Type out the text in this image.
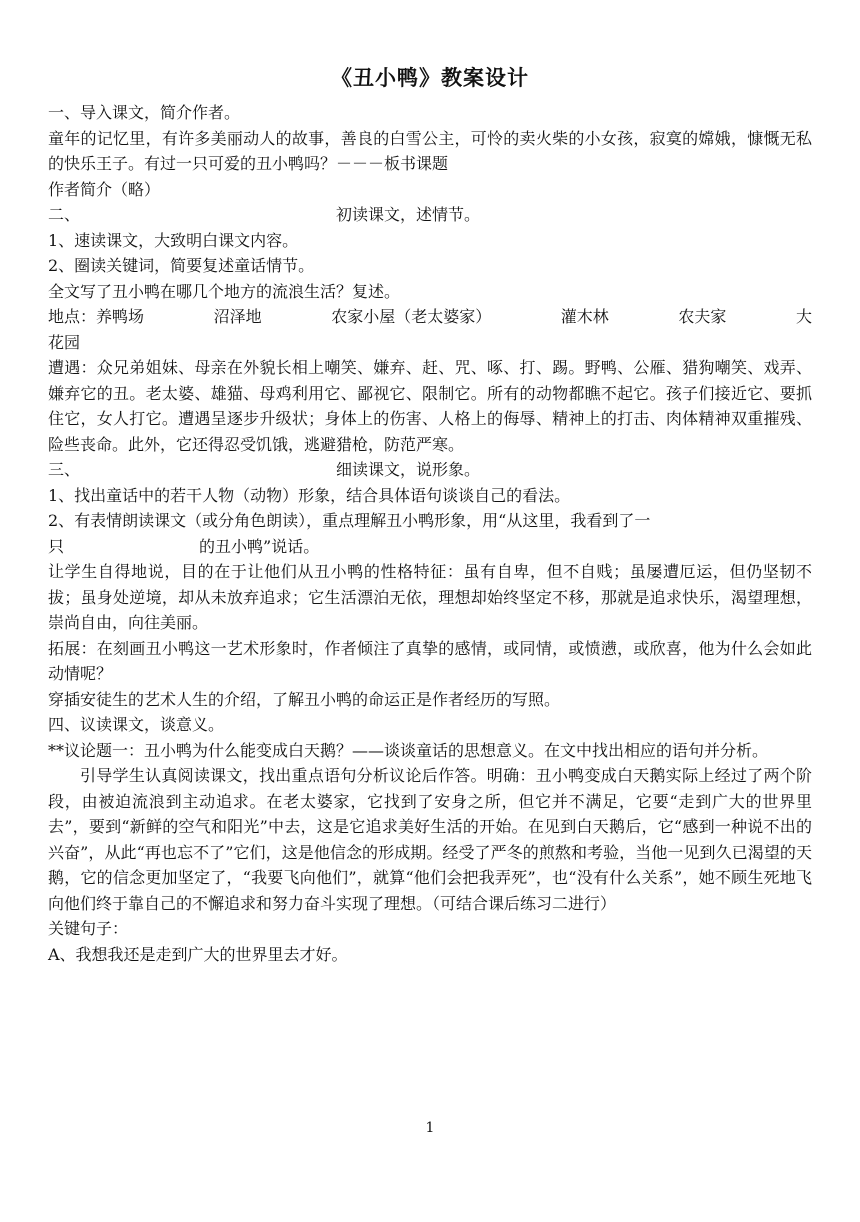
《丑小鸭》教案设计

一、导入课文，简介作者。

童年的记忆里，有许多美丽动人的故事，善良的白雪公主，可怜的卖火柴的小女孩，寂寞的嫦娥，慷慨无私的快乐王子。有过一只可爱的丑小鸭吗？－－－板书课题

作者简介（略）

二、	初读课文，述情节。

1、速读课文，大致明白课文内容。

2、圈读关键词，简要复述童话情节。

全文写了丑小鸭在哪几个地方的流浪生活？复述。

地点：养鸭场	沼泽地	农家小屋（老太婆家）	灌木林	农夫家	大

花园

遭遇：众兄弟姐妹、母亲在外貌长相上嘲笑、嫌弃、赶、咒、啄、打、踢。野鸭、公雁、猎狗嘲笑、戏弄、嫌弃它的丑。老太婆、雄猫、母鸡利用它、鄙视它、限制它。所有的动物都瞧不起它。孩子们接近它、要抓住它，女人打它。遭遇呈逐步升级状；身体上的伤害、人格上的侮辱、精神上的打击、肉体精神双重摧残、险些丧命。此外，它还得忍受饥饿，逃避猎枪，防范严寒。

三、	细读课文，说形象。

1、找出童话中的若干人物（动物）形象，结合具体语句谈谈自己的看法。

2、有表情朗读课文（或分角色朗读），重点理解丑小鸭形象，用“从这里，我看到了一

只	的丑小鸭”说话。

让学生自得地说，目的在于让他们从丑小鸭的性格特征：虽有自卑，但不自贱；虽屡遭厄运，但仍坚韧不拔；虽身处逆境，却从未放弃追求；它生活漂泊无依，理想却始终坚定不移，那就是追求快乐，渴望理想，崇尚自由，向往美丽。

拓展：在刻画丑小鸭这一艺术形象时，作者倾注了真挚的感情，或同情，或愤懑，或欣喜，他为什么会如此动情呢？

穿插安徒生的艺术人生的介绍，了解丑小鸭的命运正是作者经历的写照。

四、议读课文，谈意义。

**议论题一：丑小鸭为什么能变成白天鹅？——谈谈童话的思想意义。在文中找出相应的语句并分析。

引导学生认真阅读课文，找出重点语句分析议论后作答。明确：丑小鸭变成白天鹅实际上经过了两个阶段，由被迫流浪到主动追求。在老太婆家，它找到了安身之所，但它并不满足，它要“走到广大的世界里去”，要到“新鲜的空气和阳光”中去，这是它追求美好生活的开始。在见到白天鹅后，它“感到一种说不出的兴奋”，从此“再也忘不了”它们，这是他信念的形成期。经受了严冬的煎熬和考验，当他一见到久已渴望的天鹅，它的信念更加坚定了，“我要飞向他们”，就算“他们会把我弄死”，也“没有什么关系”，她不顾生死地飞向他们终于靠自己的不懈追求和努力奋斗实现了理想。（可结合课后练习二进行）

关键句子：

A、我想我还是走到广大的世界里去才好。

1
